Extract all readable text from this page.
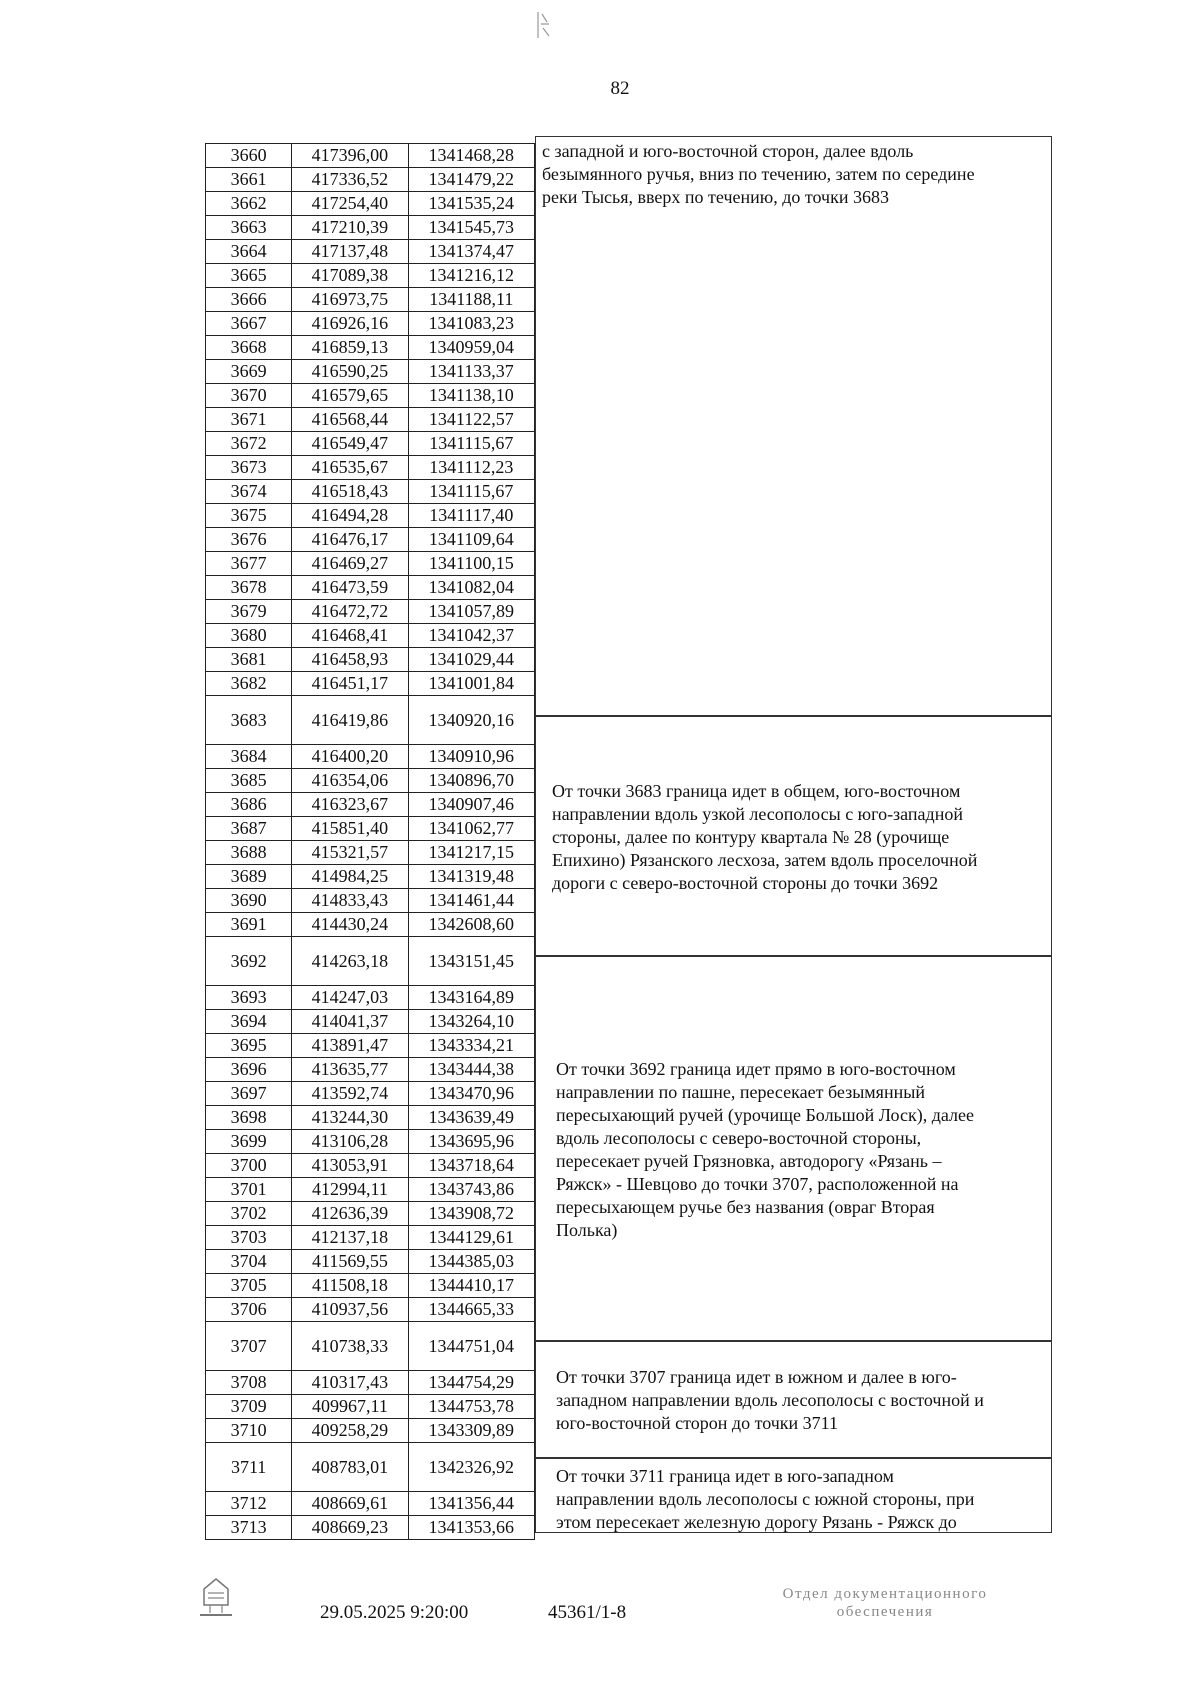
82
3660	417396,00	1341468,28
3661	417336,52	1341479,22
3662	417254,40	1341535,24
3663	417210,39	1341545,73
3664	417137,48	1341374,47
3665	417089,38	1341216,12
3666	416973,75	1341188,11
3667	416926,16	1341083,23
3668	416859,13	1340959,04
3669	416590,25	1341133,37
3670	416579,65	1341138,10
3671	416568,44	1341122,57
3672	416549,47	1341115,67
3673	416535,67	1341112,23
3674	416518,43	1341115,67
3675	416494,28	1341117,40
3676	416476,17	1341109,64
3677	416469,27	1341100,15
3678	416473,59	1341082,04
3679	416472,72	1341057,89
3680	416468,41	1341042,37
3681	416458,93	1341029,44
3682	416451,17	1341001,84
3683	416419,86	1340920,16
3684	416400,20	1340910,96
3685	416354,06	1340896,70
3686	416323,67	1340907,46
3687	415851,40	1341062,77
3688	415321,57	1341217,15
3689	414984,25	1341319,48
3690	414833,43	1341461,44
3691	414430,24	1342608,60
3692	414263,18	1343151,45
3693	414247,03	1343164,89
3694	414041,37	1343264,10
3695	413891,47	1343334,21
3696	413635,77	1343444,38
3697	413592,74	1343470,96
3698	413244,30	1343639,49
3699	413106,28	1343695,96
3700	413053,91	1343718,64
3701	412994,11	1343743,86
3702	412636,39	1343908,72
3703	412137,18	1344129,61
3704	411569,55	1344385,03
3705	411508,18	1344410,17
3706	410937,56	1344665,33
3707	410738,33	1344751,04
3708	410317,43	1344754,29
3709	409967,11	1344753,78
3710	409258,29	1343309,89
3711	408783,01	1342326,92
3712	408669,61	1341356,44
3713	408669,23	1341353,66
с западной и юго-восточной сторон, далее вдоль
безымянного ручья, вниз по течению, затем по середине
реки Тысья, вверх по течению, до точки 3683
От точки 3683 граница идет в общем, юго-восточном
направлении вдоль узкой лесополосы с юго-западной
стороны, далее по контуру квартала № 28 (урочище
Епихино) Рязанского лесхоза, затем вдоль проселочной
дороги с северо-восточной стороны до точки 3692
От точки 3692 граница идет прямо в юго-восточном
направлении по пашне, пересекает безымянный
пересыхающий ручей (урочище Большой Лоск), далее
вдоль лесополосы с северо-восточной стороны,
пересекает ручей Грязновка, автодорогу «Рязань –
Ряжск» - Шевцово до точки 3707, расположенной на
пересыхающем ручье без названия (овраг Вторая
Полька)
От точки 3707 граница идет в южном и далее в юго-
западном направлении вдоль лесополосы с восточной и
юго-восточной сторон до точки 3711
От точки 3711 граница идет в юго-западном
направлении вдоль лесополосы с южной стороны, при
этом пересекает железную дорогу Рязань - Ряжск до
29.05.2025 9:20:00	45361/1-8
Отдел документационного
обеспечения
